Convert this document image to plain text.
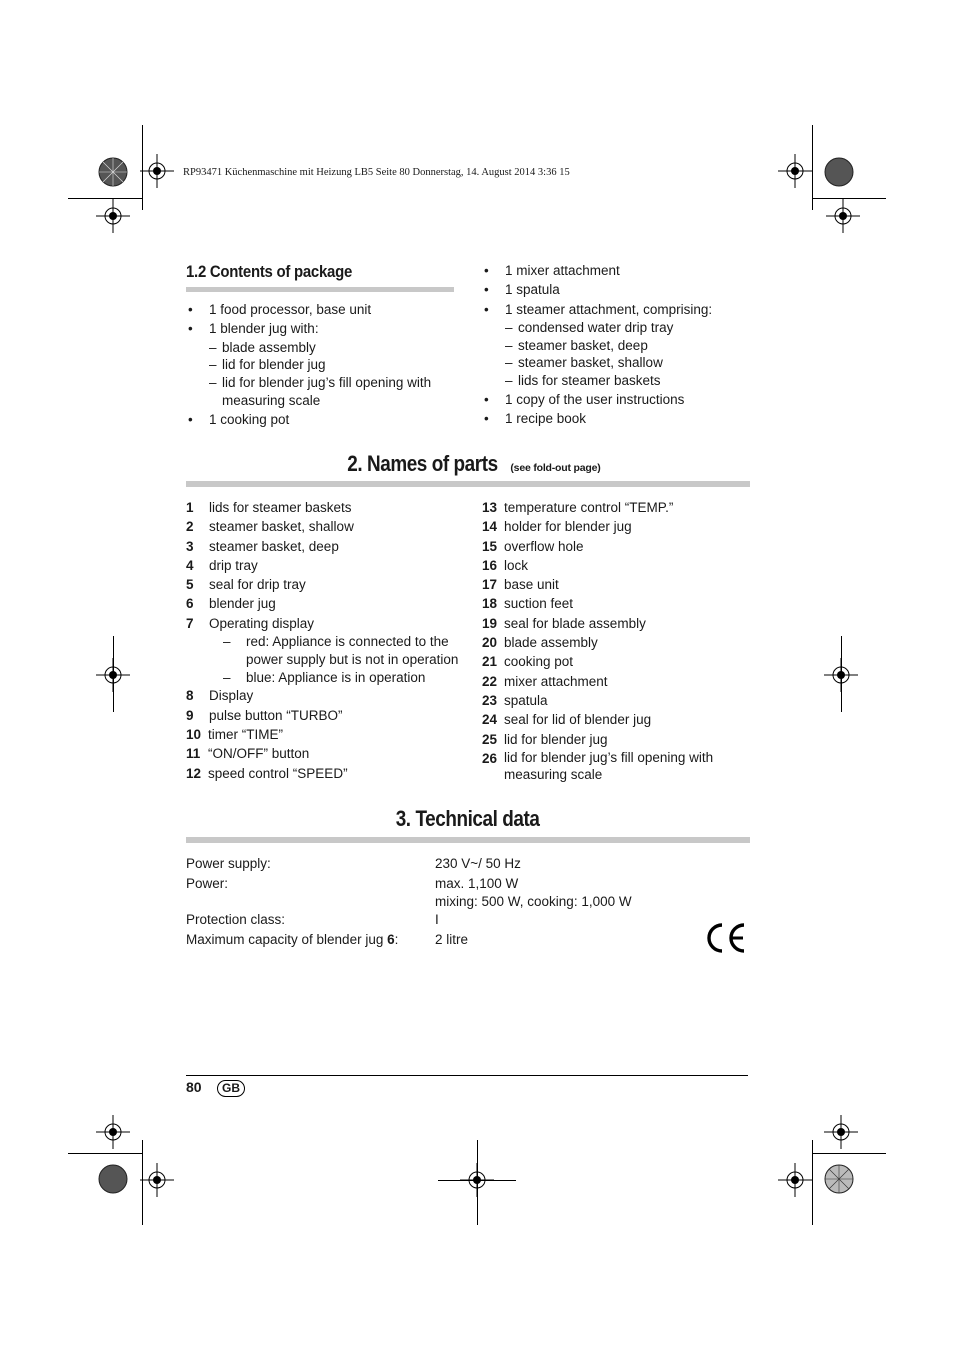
RP93471 Küchenmaschine mit Heizung LB5 Seite 80 Donnerstag, 14. August 2014 3:36 15
1.2 Contents of package
• 1 food processor, base unit
• 1 blender jug with:
– blade assembly
– lid for blender jug
– lid for blender jug’s fill opening with measuring scale
• 1 cooking pot
• 1 mixer attachment
• 1 spatula
• 1 steamer attachment, comprising:
– condensed water drip tray
– steamer basket, deep
– steamer basket, shallow
– lids for steamer baskets
• 1 copy of the user instructions
• 1 recipe book
2. Names of parts (see fold-out page)
1 lids for steamer baskets
2 steamer basket, shallow
3 steamer basket, deep
4 drip tray
5 seal for drip tray
6 blender jug
7 Operating display
– red: Appliance is connected to the power supply but is not in operation
– blue: Appliance is in operation
8 Display
9 pulse button “TURBO”
10 timer “TIME”
11 “ON/OFF” button
12 speed control “SPEED”
13 temperature control “TEMP.”
14 holder for blender jug
15 overflow hole
16 lock
17 base unit
18 suction feet
19 seal for blade assembly
20 blade assembly
21 cooking pot
22 mixer attachment
23 spatula
24 seal for lid of blender jug
25 lid for blender jug
26 lid for blender jug’s fill opening with measuring scale
3. Technical data
Power supply:	230 V~/ 50 Hz
Power:	max. 1,100 W
mixing: 500 W, cooking: 1,000 W

Protection class:	I
Maximum capacity of blender jug 6:	2 litre
80	GB
